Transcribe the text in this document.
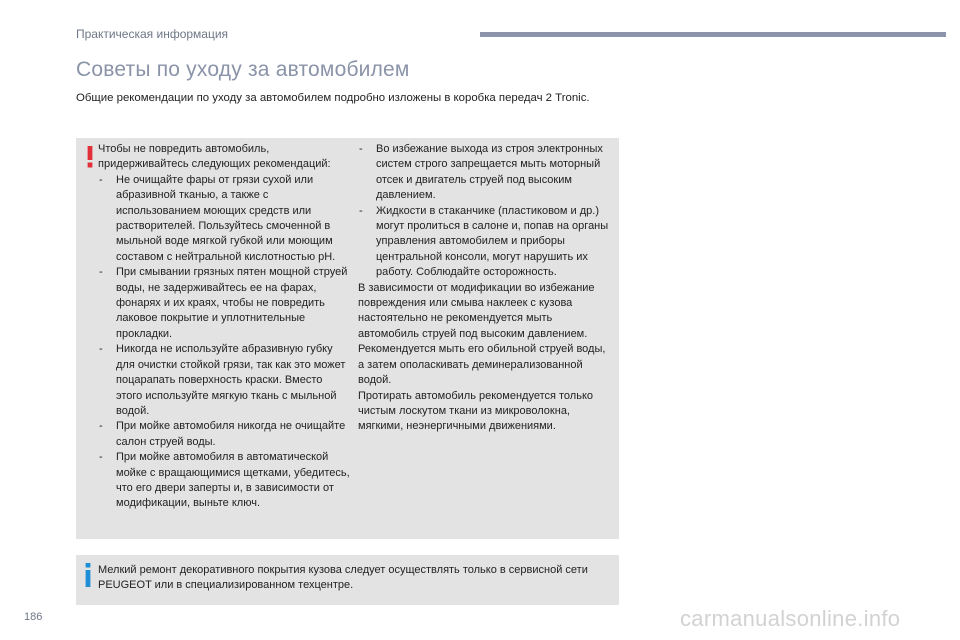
Практическая информация
Советы по уходу за автомобилем
Общие рекомендации по уходу за автомобилем подробно изложены в коробка передач 2 Tronic.

Чтобы не повредить автомобиль, придерживайтесь следующих рекомендаций:

- Не очищайте фары от грязи сухой или абразивной тканью, а также с использованием моющих средств или растворителей. Пользуйтесь смоченной в мыльной воде мягкой губкой или моющим составом с нейтральной кислотностью pH.
- При смывании грязных пятен мощной струей воды, не задерживайтесь ее на фарах, фонарях и их краях, чтобы не повредить лаковое покрытие и уплотнительные прокладки.
- Никогда не используйте абразивную губку для очистки стойкой грязи, так как это может поцарапать поверхность краски. Вместо этого используйте мягкую ткань с мыльной водой.
- При мойке автомобиля никогда не очищайте салон струей воды.
- При мойке автомобиля в автоматической мойке с вращающимися щетками, убедитесь, что его двери заперты и, в зависимости от модификации, выньте ключ.
- Во избежание выхода из строя электронных систем строго запрещается мыть моторный отсек и двигатель струей под высоким давлением.
- Жидкости в стаканчике (пластиковом и др.) могут пролиться в салоне и, попав на органы управления автомобилем и приборы центральной консоли, могут нарушить их работу. Соблюдайте осторожность.

В зависимости от модификации во избежание повреждения или смыва наклеек с кузова настоятельно не рекомендуется мыть автомобиль струей под высоким давлением.

Рекомендуется мыть его обильной струей воды, а затем ополаскивать деминерализованной водой.

Протирать автомобиль рекомендуется только чистым лоскутом ткани из микроволокна, мягкими, неэнергичными движениями.

Мелкий ремонт декоративного покрытия кузова следует осуществлять только в сервисной сети PEUGEOT или в специализированном техцентре.
186	carmanualsonline.info
